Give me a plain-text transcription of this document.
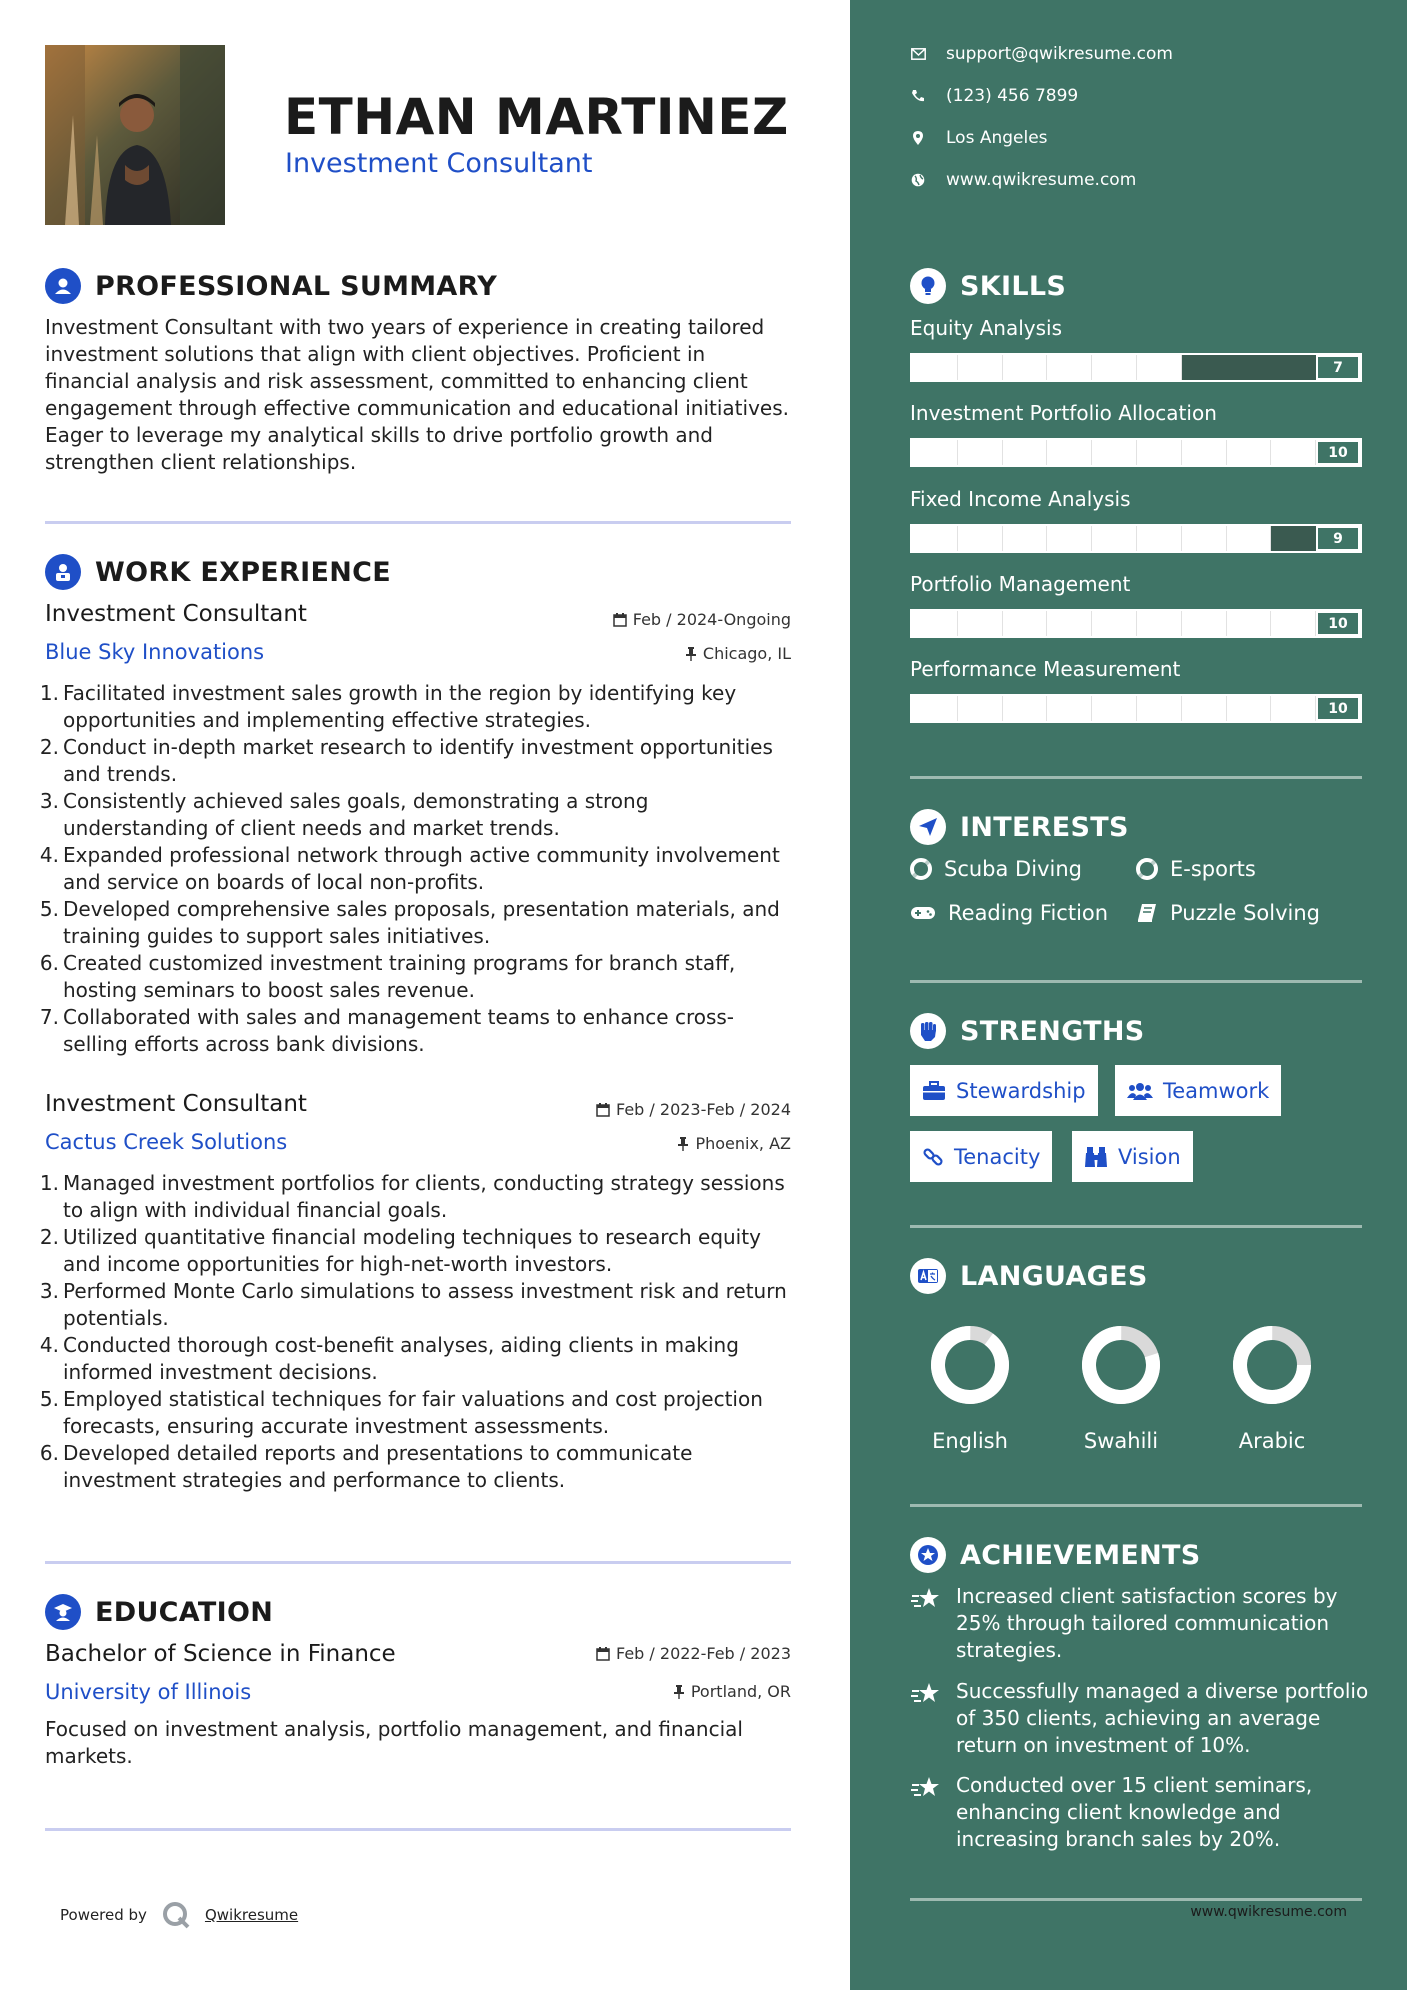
ETHAN MARTINEZ
Investment Consultant
PROFESSIONAL SUMMARY
Investment Consultant with two years of experience in creating tailored investment solutions that align with client objectives. Proficient in financial analysis and risk assessment, committed to enhancing client engagement through effective communication and educational initiatives. Eager to leverage my analytical skills to drive portfolio growth and strengthen client relationships.
WORK EXPERIENCE
Investment Consultant	Feb / 2024-Ongoing
Blue Sky Innovations	Chicago, IL
1. Facilitated investment sales growth in the region by identifying key opportunities and implementing effective strategies.
2. Conduct in-depth market research to identify investment opportunities and trends.
3. Consistently achieved sales goals, demonstrating a strong understanding of client needs and market trends.
4. Expanded professional network through active community involvement and service on boards of local non-profits.
5. Developed comprehensive sales proposals, presentation materials, and training guides to support sales initiatives.
6. Created customized investment training programs for branch staff, hosting seminars to boost sales revenue.
7. Collaborated with sales and management teams to enhance cross-selling efforts across bank divisions.
Investment Consultant	Feb / 2023-Feb / 2024
Cactus Creek Solutions	Phoenix, AZ
1. Managed investment portfolios for clients, conducting strategy sessions to align with individual financial goals.
2. Utilized quantitative financial modeling techniques to research equity and income opportunities for high-net-worth investors.
3. Performed Monte Carlo simulations to assess investment risk and return potentials.
4. Conducted thorough cost-benefit analyses, aiding clients in making informed investment decisions.
5. Employed statistical techniques for fair valuations and cost projection forecasts, ensuring accurate investment assessments.
6. Developed detailed reports and presentations to communicate investment strategies and performance to clients.
EDUCATION
Bachelor of Science in Finance	Feb / 2022-Feb / 2023
University of Illinois	Portland, OR
Focused on investment analysis, portfolio management, and financial markets.
Powered by	Qwikresume
support@qwikresume.com
(123) 456 7899
Los Angeles
www.qwikresume.com
SKILLS
Equity Analysis
7
Investment Portfolio Allocation
10
Fixed Income Analysis
9
Portfolio Management
10
Performance Measurement
10
INTERESTS
Scuba Diving	E-sports
Reading Fiction	Puzzle Solving
STRENGTHS
Stewardship	Teamwork
Tenacity	Vision
LANGUAGES
English	Swahili	Arabic
ACHIEVEMENTS
Increased client satisfaction scores by 25% through tailored communication strategies.
Successfully managed a diverse portfolio of 350 clients, achieving an average return on investment of 10%.
Conducted over 15 client seminars, enhancing client knowledge and increasing branch sales by 20%.
www.qwikresume.com
